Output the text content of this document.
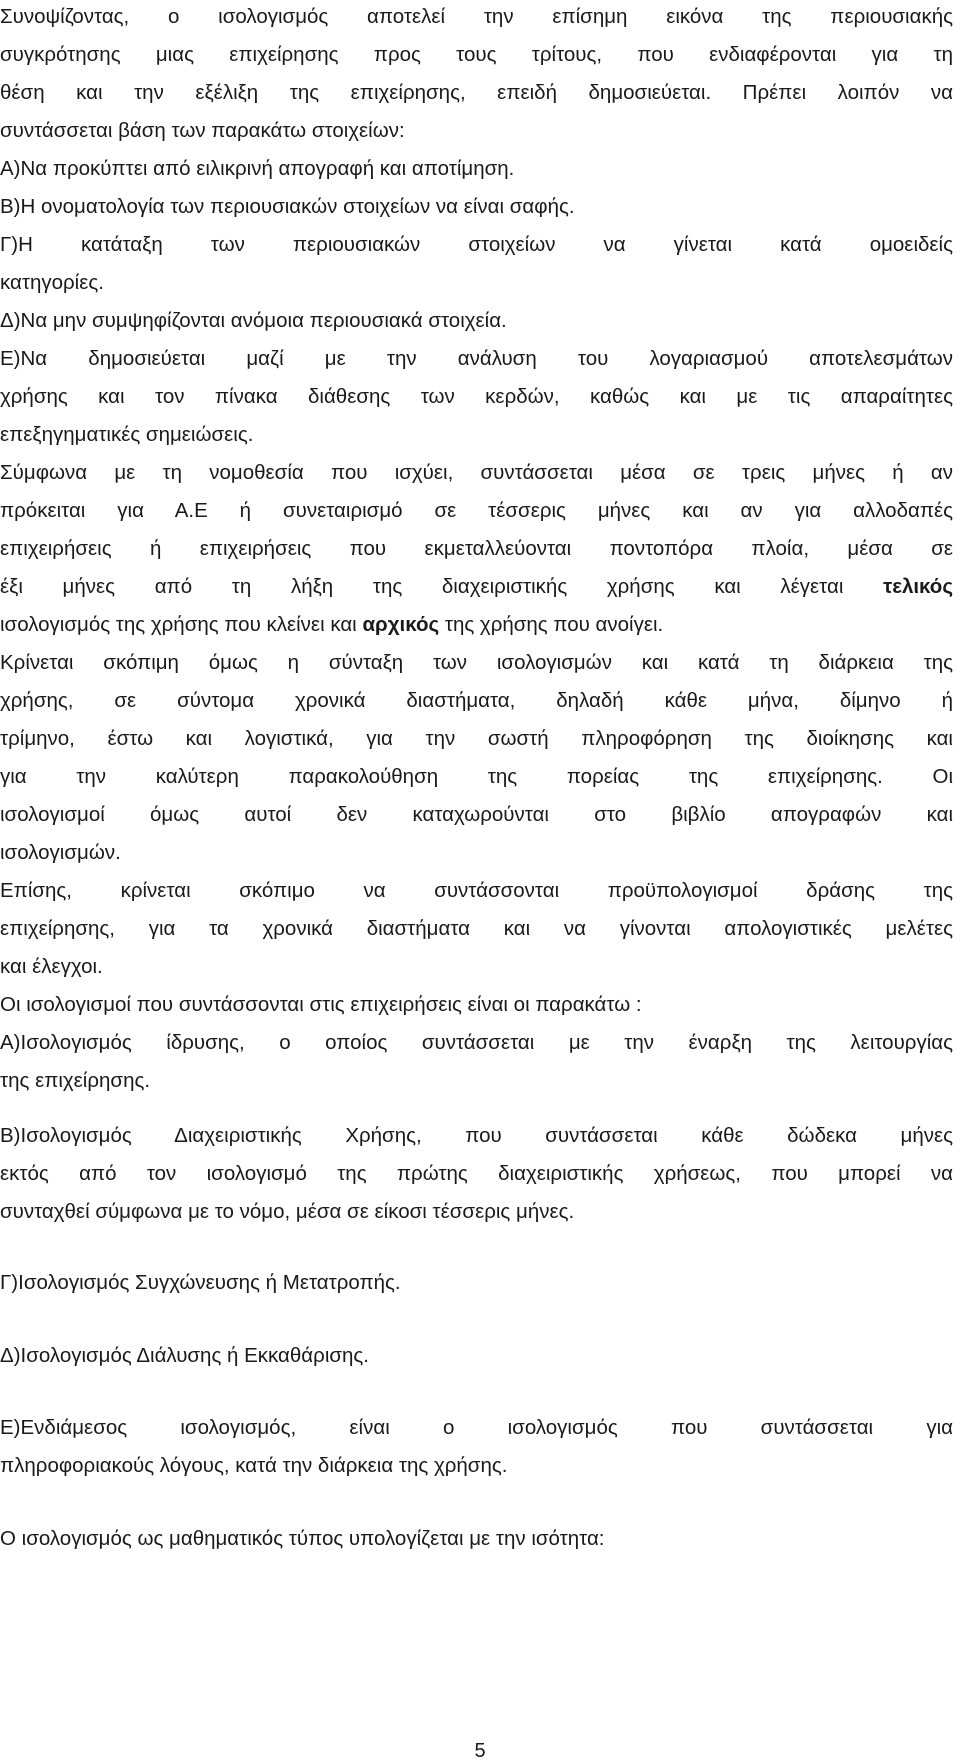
Συνοψίζοντας, ο ισολογισμός αποτελεί την επίσημη εικόνα της περιουσιακής
συγκρότησης μιας επιχείρησης προς τους τρίτους, που ενδιαφέρονται για τη
θέση και την εξέλιξη της επιχείρησης, επειδή δημοσιεύεται. Πρέπει λοιπόν να
συντάσσεται βάση των παρακάτω στοιχείων:
Α)Να προκύπτει από ειλικρινή απογραφή και αποτίμηση.
Β)Η ονοματολογία των περιουσιακών στοιχείων να είναι σαφής.
Γ)Η κατάταξη των περιουσιακών στοιχείων να γίνεται κατά ομοειδείς
κατηγορίες.
Δ)Να μην συμψηφίζονται ανόμοια περιουσιακά στοιχεία.
Ε)Να δημοσιεύεται μαζί με την ανάλυση του λογαριασμού αποτελεσμάτων
χρήσης και τον πίνακα διάθεσης των κερδών, καθώς και με τις απαραίτητες
επεξηγηματικές σημειώσεις.
Σύμφωνα με τη νομοθεσία που ισχύει, συντάσσεται μέσα σε τρεις μήνες ή αν
πρόκειται για Α.Ε ή συνεταιρισμό σε τέσσερις μήνες και αν για αλλοδαπές
επιχειρήσεις ή επιχειρήσεις που εκμεταλλεύονται ποντοπόρα πλοία, μέσα σε
έξι μήνες από τη λήξη της διαχειριστικής χρήσης και λέγεται τελικός
ισολογισμός της χρήσης που κλείνει και αρχικός της χρήσης που ανοίγει.
Κρίνεται σκόπιμη όμως η σύνταξη των ισολογισμών και κατά τη διάρκεια της
χρήσης, σε σύντομα χρονικά διαστήματα, δηλαδή κάθε μήνα, δίμηνο ή
τρίμηνο, έστω και λογιστικά, για την σωστή πληροφόρηση της διοίκησης και
για την καλύτερη παρακολούθηση της πορείας της επιχείρησης. Οι
ισολογισμοί όμως αυτοί δεν καταχωρούνται στο βιβλίο απογραφών και
ισολογισμών.
Επίσης, κρίνεται σκόπιμο να συντάσσονται προϋπολογισμοί δράσης της
επιχείρησης, για τα χρονικά διαστήματα και να γίνονται απολογιστικές μελέτες
και έλεγχοι.
Οι ισολογισμοί που συντάσσονται στις επιχειρήσεις είναι οι παρακάτω :
Α)Ισολογισμός ίδρυσης, ο οποίος συντάσσεται με την έναρξη της λειτουργίας
της επιχείρησης.
Β)Ισολογισμός Διαχειριστικής Χρήσης, που συντάσσεται κάθε δώδεκα μήνες
εκτός από τον ισολογισμό της πρώτης διαχειριστικής χρήσεως, που μπορεί να
συνταχθεί σύμφωνα με το νόμο, μέσα σε είκοσι τέσσερις μήνες.
Γ)Ισολογισμός Συγχώνευσης ή Μετατροπής.
Δ)Ισολογισμός Διάλυσης ή Εκκαθάρισης.
Ε)Ενδιάμεσος ισολογισμός, είναι ο ισολογισμός που συντάσσεται για
πληροφοριακούς λόγους, κατά την διάρκεια της χρήσης.
Ο ισολογισμός ως μαθηματικός τύπος υπολογίζεται με την ισότητα:
5
